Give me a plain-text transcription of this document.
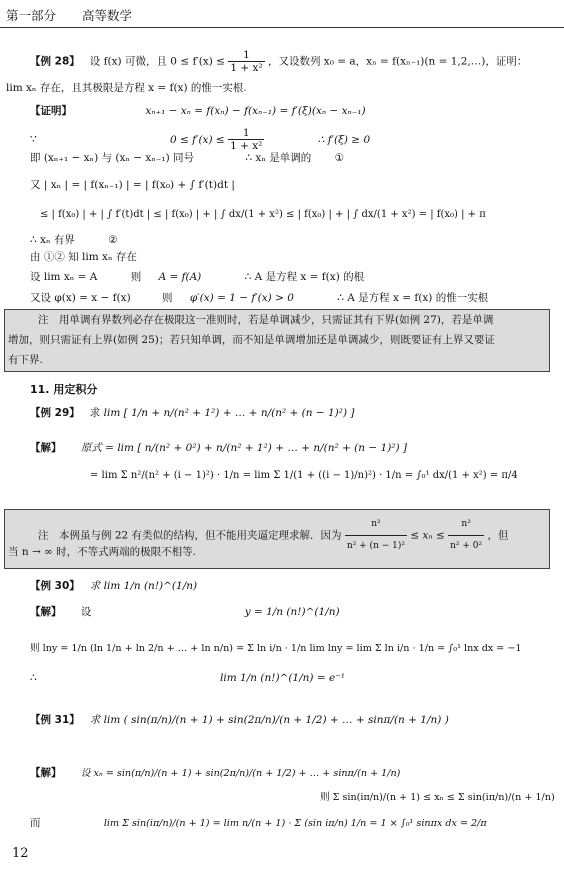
第一部分 高等数学
【例 28】 设 f(x) 可微，且 $0 \le f'(x) \le \frac{1}{\text{1 + x²}}$ ，又设数列 x₀ = a，xₙ = f(xₙ₋₁)(n = 1,2,…)，证明：
lim xₙ 存在，且其极限是方程 x = f(x) 的惟一实根.
【证明】	xₙ₊₁ − xₙ = f(xₙ) − f(xₙ₋₁) = f′(ξ)(xₙ − xₙ₋₁)
∵	$0 \le f'(x) \le \frac{1}{\text{1 + x²}}$	∴ f′(ξ) ≥ 0
即 (xₙ₊₁ − xₙ) 与 (xₙ − xₙ₋₁) 同号	∴ xₙ 是单调的 ①
又 | xₙ | = | f(xₙ₋₁) | = | f(x₀) + ∫ f′(t)dt |
≤ | f(x₀) | + | ∫ f′(t)dt | ≤ | f(x₀) | + | ∫ dx/(1 + x²) ≤ | f(x₀) | + | ∫ dx/(1 + x²) = | f(x₀) | + π
∴ xₙ 有界	②
由 ①② 知 lim xₙ 存在
设 lim xₙ = A	则 A = f(A)	∴ A 是方程 x = f(x) 的根
又设 φ(x) = x − f(x)	则 φ′(x) = 1 − f′(x) > 0	∴ A 是方程 x = f(x) 的惟一实根
注　用单调有界数列必存在极限这一准则时，若是单调减少，只需证其有下界(如例 27)，若是单调
增加，则只需证有上界(如例 25)；若只知单调，而不知是单调增加还是单调减少，则既要证有上界又要证
有下界.
11. 用定积分
【例 29】 求 lim [ 1/n + n/(n² + 1²) + … + n/(n² + (n − 1)²) ]
【解】 原式 = lim [ n/(n² + 0²) + n/(n² + 1²) + … + n/(n² + (n − 1)²) ]
= lim Σ n²/(n² + (i − 1)²) · 1/n = lim Σ 1/(1 + ((i − 1)/n)²) · 1/n = ∫₀¹ dx/(1 + x²) = π/4
注　本例虽与例 22 有类似的结构，但不能用夹逼定理求解．因为 $\frac{\text{n²}}{\text{n² + (n − 1)²}} \le x_n \le \frac{\text{n²}}{\text{n² + 0²}}$ ，但
当 n → ∞ 时，不等式两端的极限不相等.
【例 30】 求 lim 1/n (n!)^(1/n)
【解】 设	y = 1/n (n!)^(1/n)
则 lny = 1/n (ln 1/n + ln 2/n + … + ln n/n) = Σ ln i/n · 1/n lim lny = lim Σ ln i/n · 1/n = ∫₀¹ lnx dx = −1
∴	lim 1/n (n!)^(1/n) = e⁻¹
【例 31】 求 lim ( sin(π/n)/(n + 1) + sin(2π/n)/(n + 1/2) + … + sinπ/(n + 1/n) )
【解】 设 xₙ = sin(π/n)/(n + 1) + sin(2π/n)/(n + 1/2) + … + sinπ/(n + 1/n)
则 Σ sin(iπ/n)/(n + 1) ≤ xₙ ≤ Σ sin(iπ/n)/(n + 1/n)
而	lim Σ sin(iπ/n)/(n + 1) = lim n/(n + 1) · Σ (sin iπ/n) 1/n = 1 × ∫₀¹ sinπx dx = 2/π
12
